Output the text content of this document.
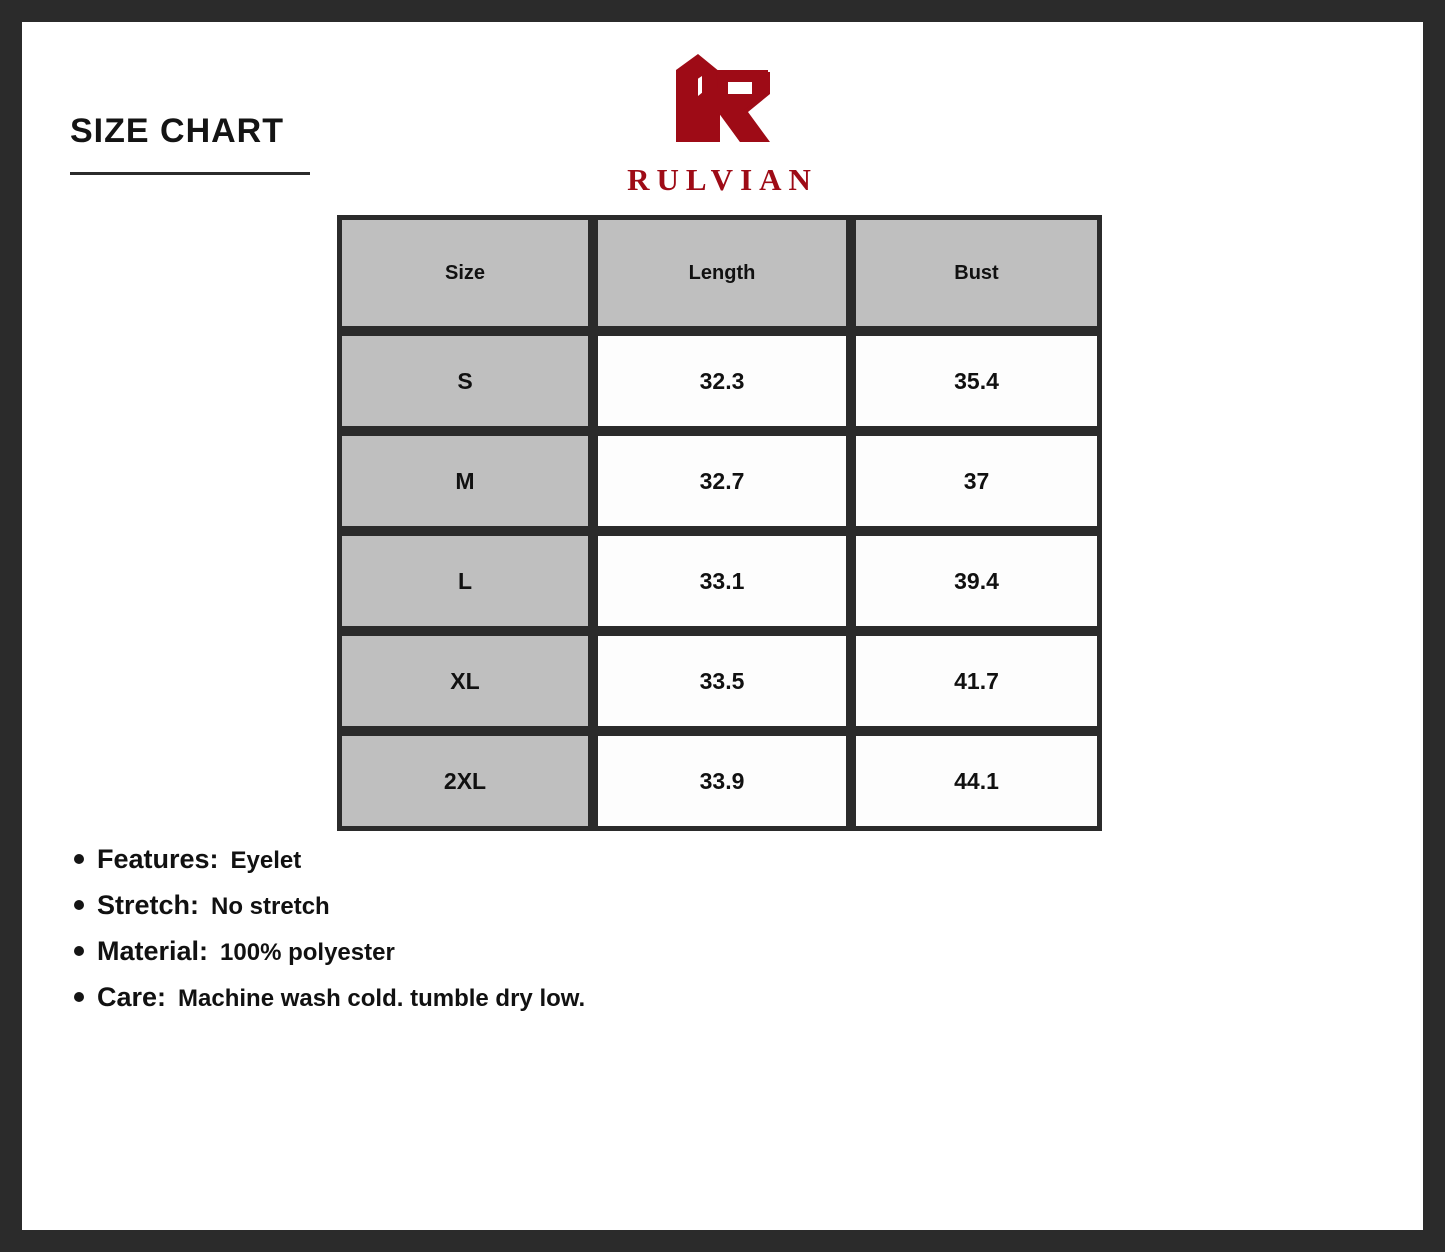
SIZE CHART
RULVIAN
Size	Length	Bust
S	32.3	35.4
M	32.7	37
L	33.1	39.4
XL	33.5	41.7
2XL	33.9	44.1
Features: Eyelet
Stretch: No stretch
Material: 100% polyester
Care: Machine wash cold. tumble dry low.
